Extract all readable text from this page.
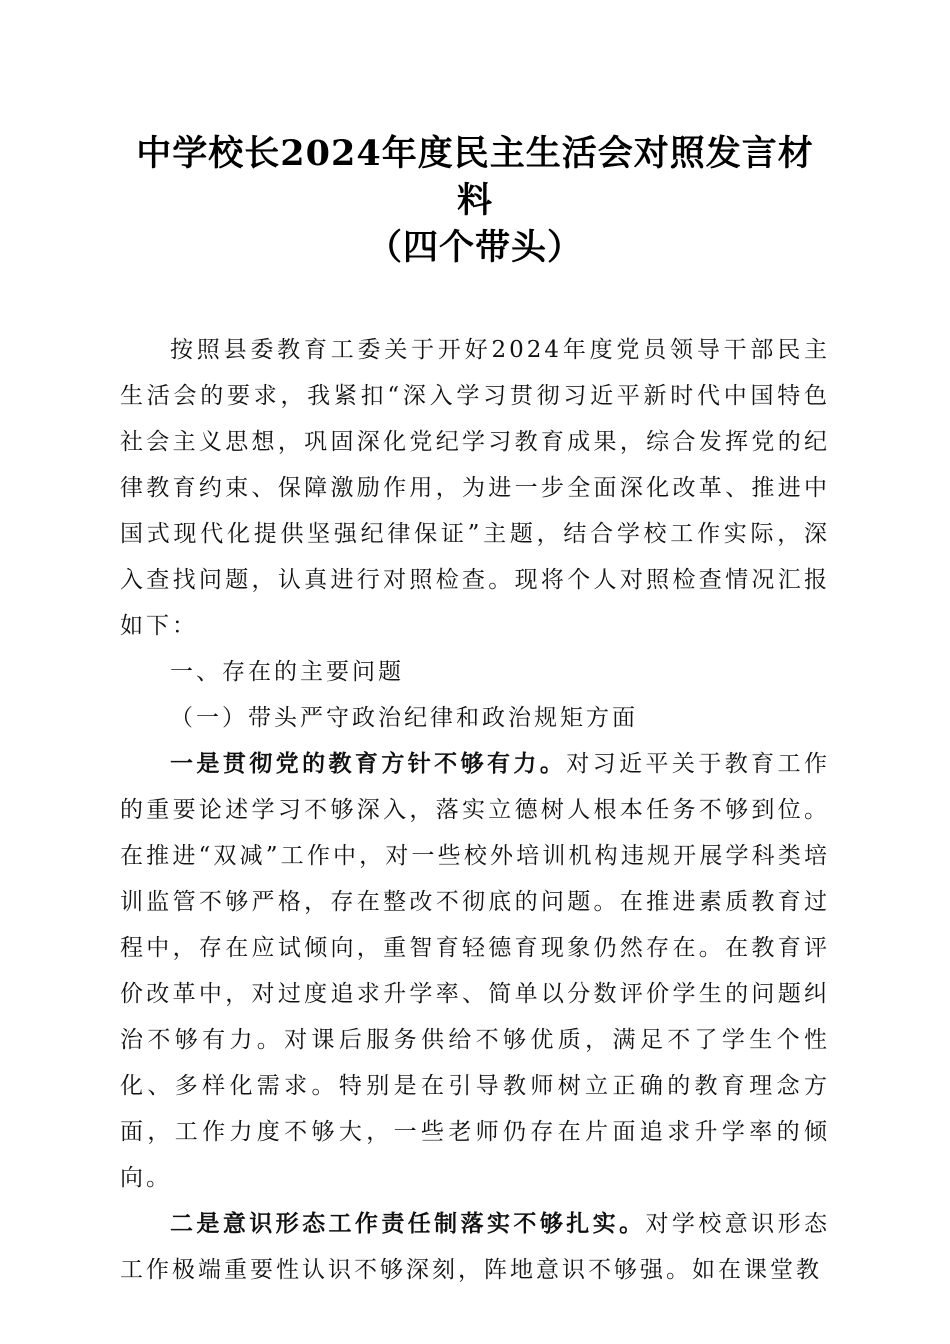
中学校长2024年度民主生活会对照发言材料
（四个带头）

按照县委教育工委关于开好2024年度党员领导干部民主生活会的要求，我紧扣“深入学习贯彻习近平新时代中国特色社会主义思想，巩固深化党纪学习教育成果，综合发挥党的纪律教育约束、保障激励作用，为进一步全面深化改革、推进中国式现代化提供坚强纪律保证”主题，结合学校工作实际，深入查找问题，认真进行对照检查。现将个人对照检查情况汇报如下：

一、存在的主要问题

（一）带头严守政治纪律和政治规矩方面

一是贯彻党的教育方针不够有力。对习近平关于教育工作的重要论述学习不够深入，落实立德树人根本任务不够到位。在推进“双减”工作中，对一些校外培训机构违规开展学科类培训监管不够严格，存在整改不彻底的问题。在推进素质教育过程中，存在应试倾向，重智育轻德育现象仍然存在。在教育评价改革中，对过度追求升学率、简单以分数评价学生的问题纠治不够有力。对课后服务供给不够优质，满足不了学生个性化、多样化需求。特别是在引导教师树立正确的教育理念方面，工作力度不够大，一些老师仍存在片面追求升学率的倾向。

二是意识形态工作责任制落实不够扎实。对学校意识形态工作极端重要性认识不够深刻，阵地意识不够强。如在课堂教
